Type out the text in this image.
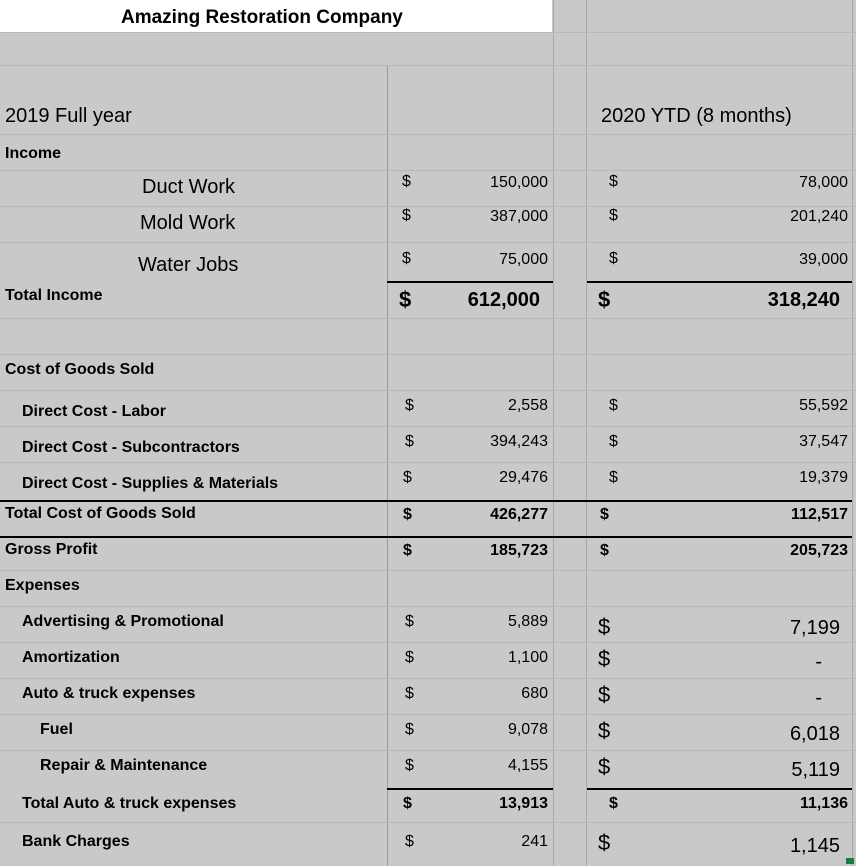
Amazing Restoration Company
2019 Full year	2020 YTD (8 months)
Income
Duct Work	$	150,000	$	78,000
Mold Work	$	387,000	$	201,240
Water Jobs	$	75,000	$	39,000
Total Income	$	612,000	$	318,240
Cost of Goods Sold
Direct Cost - Labor	$	2,558	$	55,592
Direct Cost - Subcontractors	$	394,243	$	37,547
Direct Cost - Supplies & Materials	$	29,476	$	19,379
Total Cost of Goods Sold	$	426,277	$	112,517
Gross Profit	$	185,723	$	205,723
Expenses
Advertising & Promotional	$	5,889 $	7,199
Amortization	$	1,100 $	-
Auto & truck expenses	$	680 $	-
Fuel	$	9,078 $	6,018
Repair & Maintenance	$	4,155 $	5,119
Total Auto & truck expenses	$	13,913	$	11,136
Bank Charges	$	241 $	1,145
